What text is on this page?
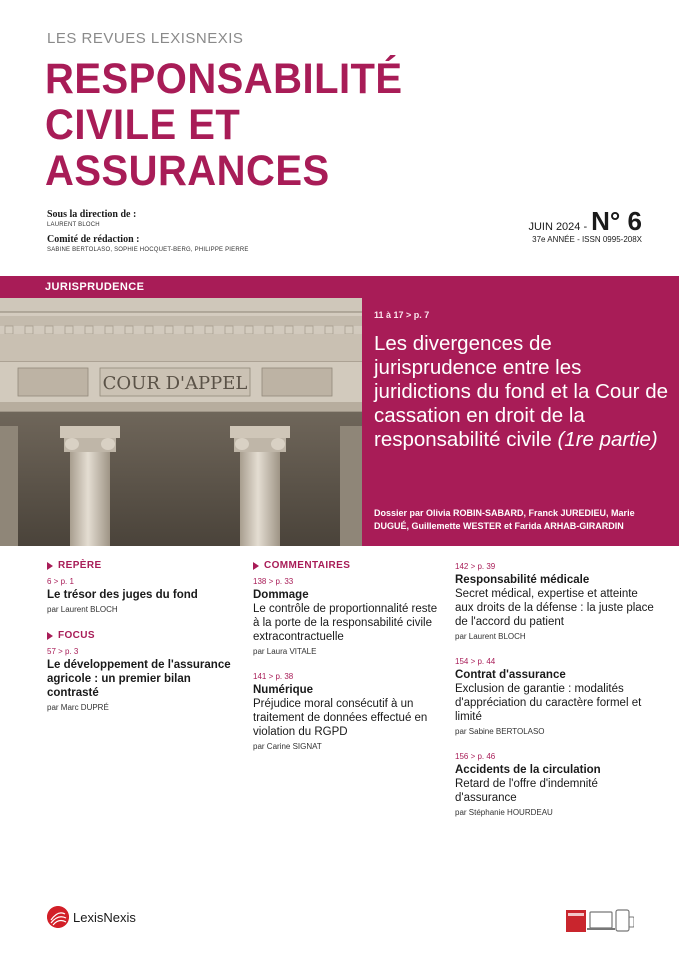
LES REVUES LEXISNEXIS
RESPONSABILITÉ
CIVILE ET
ASSURANCES
Sous la direction de :
LAURENT BLOCH
Comité de rédaction :
SABINE BERTOLASO, SOPHIE HOCQUET-BERG, PHILIPPE PIERRE
JUIN 2024 - N° 6
37e ANNÉE - ISSN 0995-208X
COUR D'APPEL
JURISPRUDENCE
11 à 17 > p. 7
Les divergences de jurisprudence entre les juridictions du fond et la Cour de cassation en droit de la responsabilité civile (1re partie)
Dossier par Olivia ROBIN-SABARD, Franck JUREDIEU, Marie DUGUÉ, Guillemette WESTER et Farida ARHAB-GIRARDIN
REPÈRE
6 > p. 1
Le trésor des juges du fond
par Laurent BLOCH
FOCUS
57 > p. 3
Le développement de l'assurance agricole : un premier bilan contrasté
par Marc DUPRÉ
COMMENTAIRES
138 > p. 33
Dommage
Le contrôle de proportionnalité reste à la porte de la responsabilité civile extracontractuelle
par Laura VITALE
141 > p. 38
Numérique
Préjudice moral consécutif à un traitement de données effectué en violation du RGPD
par Carine SIGNAT
142 > p. 39
Responsabilité médicale
Secret médical, expertise et atteinte aux droits de la défense : la juste place de l'accord du patient
par Laurent BLOCH
154 > p. 44
Contrat d'assurance
Exclusion de garantie : modalités d'appréciation du caractère formel et limité
par Sabine BERTOLASO
156 > p. 46
Accidents de la circulation
Retard de l'offre d'indemnité d'assurance
par Stéphanie HOURDEAU
LexisNexis
